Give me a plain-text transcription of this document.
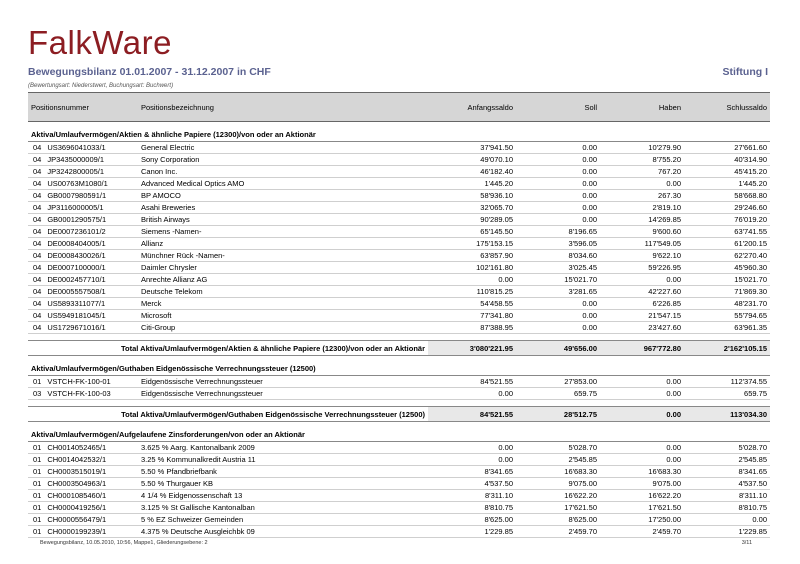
FalkWare
Bewegungsbilanz 01.01.2007 - 31.12.2007 in CHF	Stiftung I
(Bewertungsart: Niederstwert, Buchungsart: Buchwert)
Positionsnummer	Positionsbezeichnung	Anfangssaldo	Soll	Haben	Schlussaldo

Aktiva/Umlaufvermögen/Aktien & ähnliche Papiere (12300)/von oder an Aktionär					
04 US3696041033/1	General Electric	37'941.50	0.00	10'279.90	27'661.60
04 JP3435000009/1	Sony Corporation	49'070.10	0.00	8'755.20	40'314.90
04 JP3242800005/1	Canon Inc.	46'182.40	0.00	767.20	45'415.20
04 US00763M1080/1	Advanced Medical Optics AMO	1'445.20	0.00	0.00	1'445.20
04 GB0007980591/1	BP AMOCO	58'936.10	0.00	267.30	58'668.80
04 JP3116000005/1	Asahi Breweries	32'065.70	0.00	2'819.10	29'246.60
04 GB0001290575/1	British Airways	90'289.05	0.00	14'269.85	76'019.20
04 DE0007236101/2	Siemens -Namen-	65'145.50	8'196.65	9'600.60	63'741.55
04 DE0008404005/1	Allianz	175'153.15	3'596.05	117'549.05	61'200.15
04 DE0008430026/1	Münchner Rück -Namen-	63'857.90	8'034.60	9'622.10	62'270.40
04 DE0007100000/1	Daimler Chrysler	102'161.80	3'025.45	59'226.95	45'960.30
04 DE0002457710/1	Anrechte Allianz AG	0.00	15'021.70	0.00	15'021.70
04 DE0005557508/1	Deutsche Telekom	110'815.25	3'281.65	42'227.60	71'869.30
04 US5893311077/1	Merck	54'458.55	0.00	6'226.85	48'231.70
04 US5949181045/1	Microsoft	77'341.80	0.00	21'547.15	55'794.65
04 US1729671016/1	Citi-Group	87'388.95	0.00	23'427.60	63'961.35

Total Aktiva/Umlaufvermögen/Aktien & ähnliche Papiere (12300)/von oder an Aktionär		3'080'221.95	49'656.00	967'772.80	2'162'105.15

Aktiva/Umlaufvermögen/Guthaben Eidgenössische Verrechnungssteuer (12500)					
01 VSTCH-FK-100-01	Eidgenössische Verrechnungssteuer	84'521.55	27'853.00	0.00	112'374.55
03 VSTCH-FK-100-03	Eidgenössische Verrechnungssteuer	0.00	659.75	0.00	659.75

Total Aktiva/Umlaufvermögen/Guthaben Eidgenössische Verrechnungssteuer (12500)		84'521.55	28'512.75	0.00	113'034.30

Aktiva/Umlaufvermögen/Aufgelaufene Zinsforderungen/von oder an Aktionär					
01 CH0014052465/1	3.625 % Aarg. Kantonalbank 2009	0.00	5'028.70	0.00	5'028.70
01 CH0014042532/1	3.25 % Kommunalkredit Austria 11	0.00	2'545.85	0.00	2'545.85
01 CH0003515019/1	5.50 % Pfandbriefbank	8'341.65	16'683.30	16'683.30	8'341.65
01 CH0003504963/1	5.50 % Thurgauer KB	4'537.50	9'075.00	9'075.00	4'537.50
01 CH0001085460/1	4 1/4 % Eidgenossenschaft 13	8'311.10	16'622.20	16'622.20	8'311.10
01 CH0000419256/1	3.125 % St Gallische Kantonalban	8'810.75	17'621.50	17'621.50	8'810.75
01 CH0000556479/1	5 % EZ Schweizer Gemeinden	8'625.00	8'625.00	17'250.00	0.00
01 CH0000199239/1	4.375 % Deutsche Ausgleichbk 09	1'229.85	2'459.70	2'459.70	1'229.85
Bewegungsbilanz, 10.05.2010, 10:56, Mappe1, Gliederungsebene: 2	3/11
